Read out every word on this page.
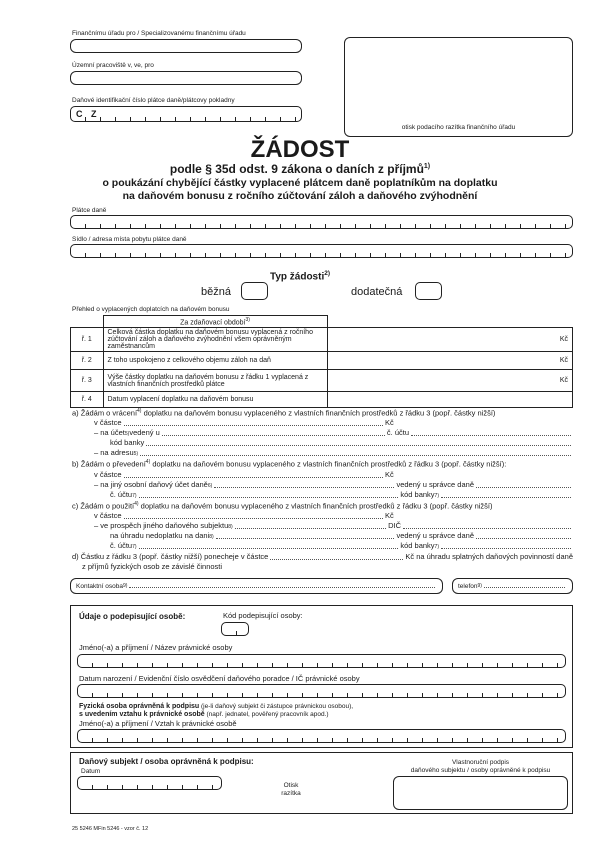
Finančnímu úřadu pro / Specializovanému finančnímu úřadu
Územní pracoviště v, ve, pro
Daňové identifikační číslo plátce daně/plátcovy pokladny
C Z
otisk podacího razítka finančního úřadu
ŽÁDOST
podle § 35d odst. 9 zákona o daních z příjmů$^{1)}$
o poukázání chybějící částky vyplacené plátcem daně poplatníkům na doplatku
na daňovém bonusu z ročního zúčtování záloh a daňového zvýhodnění
Plátce daně
Sídlo / adresa místa pobytu plátce daně
Typ žádosti$^{2)}$
běžná	dodatečná
Přehled o vyplacených doplatcích na daňovém bonusu
	Za zdaňovací období$^{3)}$	
ř. 1	Celková částka doplatku na daňovém bonusu vyplacená z ročního zúčtování záloh a daňového zvýhodnění všem oprávněným zaměstnancům	Kč
ř. 2	Z toho uspokojeno z celkového objemu záloh na daň	Kč
ř. 3	Výše částky doplatku na daňovém bonusu z řádku 1 vyplacená z vlastních finančních prostředků plátce	Kč
ř. 4	Datum vyplacení doplatku na daňovém bonusu	
a) Žádám o vrácení$^{4)}$ doplatku na daňovém bonusu vyplaceného z vlastních finančních prostředků z řádku 3 (popř. částky nižší)
v částce	Kč
– na účet 5) vedený u	č. účtu
kód banky
– na adresu 5)
b) Žádám o převedení$^{4)}$ doplatku na daňovém bonusu vyplaceného z vlastních finančních prostředků z řádku 3 (popř. částky nižší):
v částce	Kč
– na jiný osobní daňový účet daně 6)	vedený u správce daně
č. účtu 7)	kód banky 7)
c) Žádám o použití$^{4)}$ doplatku na daňovém bonusu vyplaceného z vlastních finančních prostředků z řádku 3 (popř. částky nižší)
v částce	Kč
– ve prospěch jiného daňového subjektu 8)	DIČ
na úhradu nedoplatku na dani 8)	vedený u správce daně
č. účtu 7)	kód banky 7)
d) Částku z řádku 3 (popř. částky nižší) ponecheje v částce	Kč na úhradu splatných daňových povinností daně
z příjmů fyzických osob ze závislé činnosti
Kontaktní osoba 9)	telefon 9)
Údaje o podepisující osobě:	Kód podepisující osoby:
Jméno(-a) a příjmení / Název právnické osoby
Datum narození / Evidenční číslo osvědčení daňového poradce / IČ právnické osoby
Fyzická osoba oprávněná k podpisu (je-li daňový subjekt či zástupce právnickou osobou),
s uvedením vztahu k právnické osobě (např. jednatel, pověřený pracovník apod.)
Jméno(-a) a příjmení / Vztah k právnické osobě
Daňový subjekt / osoba oprávněná k podpisu:
Datum
Otisk
razítka
Vlastnoruční podpis
daňového subjektu / osoby oprávněné k podpisu
25 5246 MFin 5246 - vzor č. 12
